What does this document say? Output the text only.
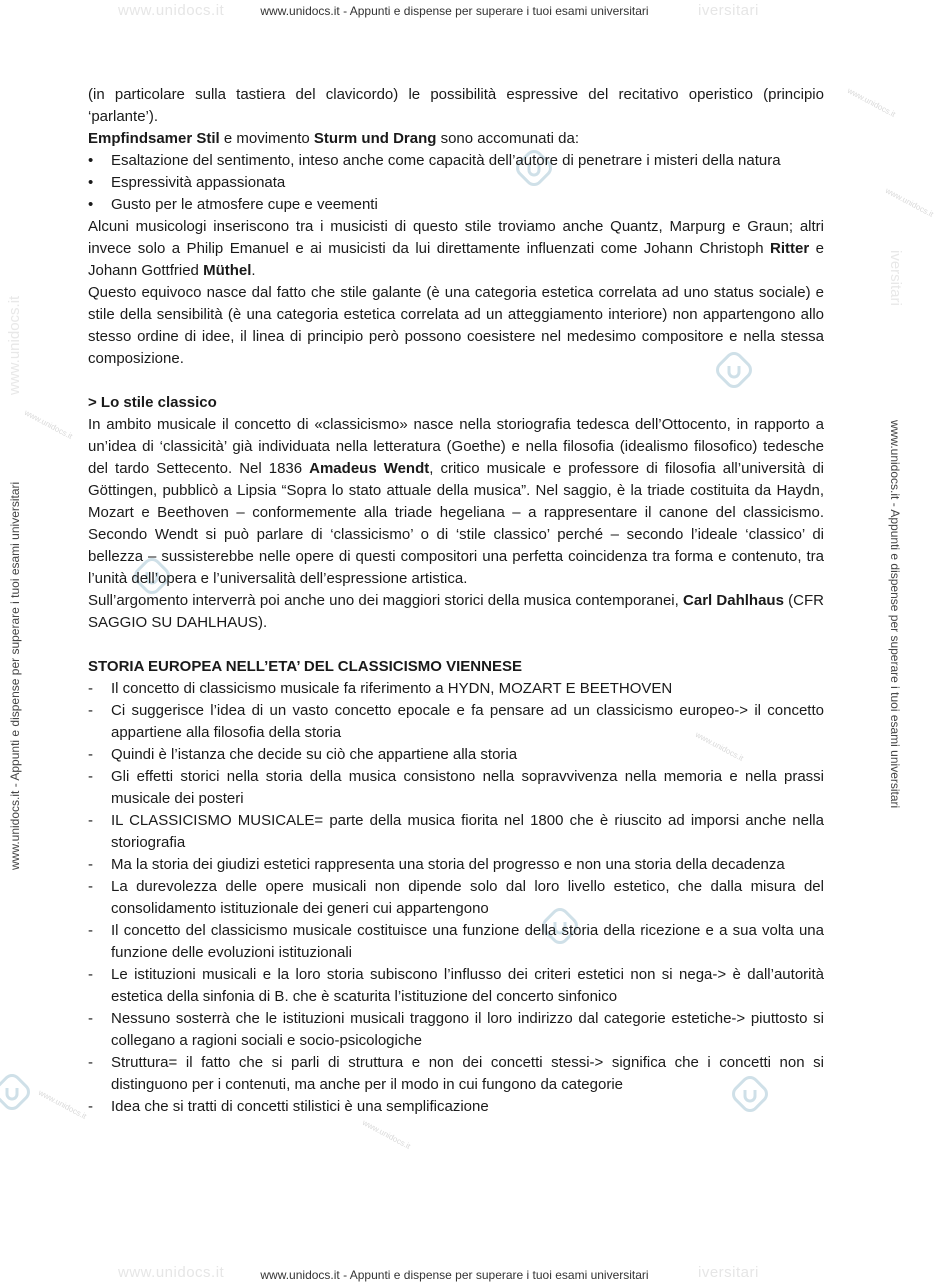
www.unidocs.it	iversitari
www.unidocs.it	iversitari
www.unidocs.it - Appunti e dispense per superare i tuoi esami universitari
www.unidocs.it - Appunti e dispense per superare i tuoi esami universitari
www.unidocs.it - Appunti e dispense per superare i tuoi esami universitari	www.unidocs.it - Appunti e dispense per superare i tuoi esami universitari
www.unidocs.it
iversitari
www.unidocs.it
www.unidocs.it
www.unidocs.it
www.unidocs.it
www.unidocs.it
www.unidocs.it

(in particolare sulla tastiera del clavicordo) le possibilità espressive del recitativo operistico (principio ‘parlante’).

Empfindsamer Stil e movimento Sturm und Drang sono accomunati da:

•	Esaltazione del sentimento, inteso anche come capacità dell’autore di penetrare i misteri della natura
•	Espressività appassionata
•	Gusto per le atmosfere cupe e veementi

Alcuni musicologi inseriscono tra i musicisti di questo stile troviamo anche Quantz, Marpurg e Graun; altri invece solo a Philip Emanuel e ai musicisti da lui direttamente influenzati come Johann Christoph Ritter e Johann Gottfried Müthel.

Questo equivoco nasce dal fatto che stile galante (è una categoria estetica correlata ad uno status sociale) e stile della sensibilità (è una categoria estetica correlata ad un atteggiamento interiore) non appartengono allo stesso ordine di idee, il linea di principio però possono coesistere nel medesimo compositore e nella stessa composizione.

> Lo stile classico

In ambito musicale il concetto di «classicismo» nasce nella storiografia tedesca dell’Ottocento, in rapporto a un’idea di ‘classicità’ già individuata nella letteratura (Goethe) e nella filosofia (idealismo filosofico) tedesche del tardo Settecento. Nel 1836 Amadeus Wendt, critico musicale e professore di filosofia all’università di Göttingen, pubblicò a Lipsia “Sopra lo stato attuale della musica”. Nel saggio, è la triade costituita da Haydn, Mozart e Beethoven – conformemente alla triade hegeliana – a rappresentare il canone del classicismo. Secondo Wendt si può parlare di ‘classicismo’ o di ‘stile classico’ perché – secondo l’ideale ‘classico’ di bellezza – sussisterebbe nelle opere di questi compositori una perfetta coincidenza tra forma e contenuto, tra l’unità dell’opera e l’universalità dell’espressione artistica.

Sull’argomento interverrà poi anche uno dei maggiori storici della musica contemporanei, Carl Dahlhaus (CFR SAGGIO SU DAHLHAUS).

STORIA EUROPEA NELL’ETA’ DEL CLASSICISMO VIENNESE

-	Il concetto di classicismo musicale fa riferimento a HYDN, MOZART E BEETHOVEN
-	Ci suggerisce l’idea di un vasto concetto epocale e fa pensare ad un classicismo europeo-> il concetto appartiene alla filosofia della storia
-	Quindi è l’istanza che decide su ciò che appartiene alla storia
-	Gli effetti storici nella storia della musica consistono nella sopravvivenza nella memoria e nella prassi musicale dei posteri
-	IL CLASSICISMO MUSICALE= parte della musica fiorita nel 1800 che è riuscito ad imporsi anche nella storiografia
-	Ma la storia dei giudizi estetici rappresenta una storia del progresso e non una storia della decadenza
-	La durevolezza delle opere musicali non dipende solo dal loro livello estetico, che dalla misura del consolidamento istituzionale dei generi cui appartengono
-	Il concetto del classicismo musicale costituisce una funzione della storia della ricezione e a sua volta una funzione delle evoluzioni istituzionali
-	Le istituzioni musicali e la loro storia subiscono l’influsso dei criteri estetici non si nega-> è dall’autorità estetica della sinfonia di B. che è scaturita l’istituzione del concerto sinfonico
-	Nessuno sosterrà che le istituzioni musicali traggono il loro indirizzo dal categorie estetiche-> piuttosto si collegano a ragioni sociali e socio-psicologiche
-	Struttura= il fatto che si parli di struttura e non dei concetti stessi-> significa che i concetti non si distinguono per i contenuti, ma anche per il modo in cui fungono da categorie
-	Idea che si tratti di concetti stilistici è una semplificazione
